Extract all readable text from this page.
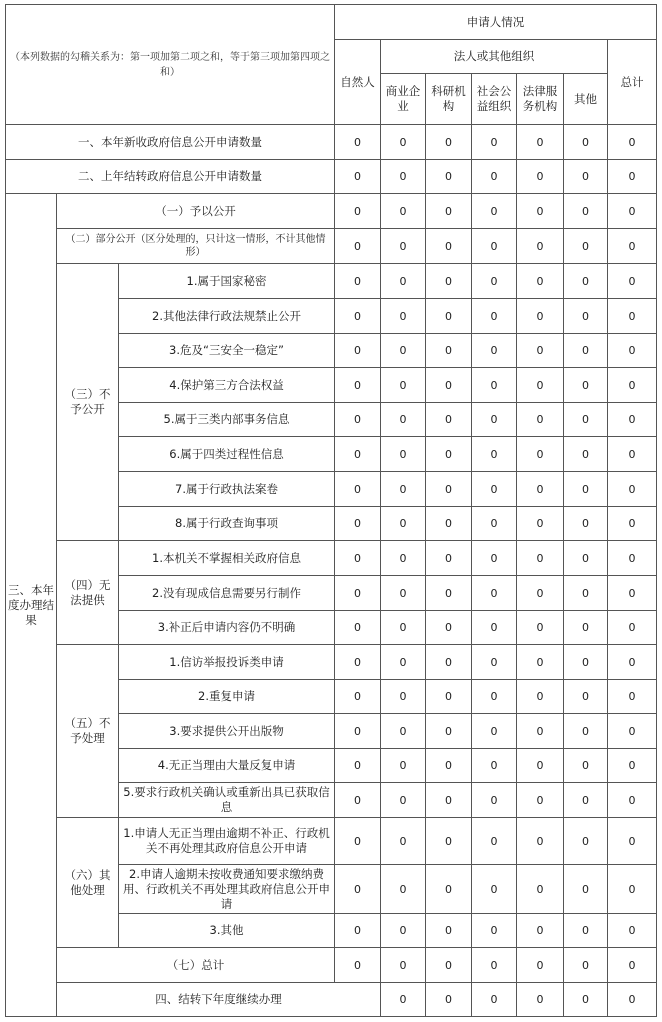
（本列数据的勾稽关系为：第一项加第二项之和，等于第三项加第四项之和）			申请人情况							
			自然人	法人或其他组织					总计	
				商业企业	科研机构	社会公益组织	法律服务机构	其他		
一、本年新收政府信息公开申请数量			0	0	0	0	0	0	0	
二、上年结转政府信息公开申请数量			0	0	0	0	0	0	0	
三、本年度办理结果	（一）予以公开		0	0	0	0	0	0	0	
	（二）部分公开（区分处理的，只计这一情形，不计其他情形）		0	0	0	0	0	0	0	
	（三）不予公开	1.属于国家秘密	0	0	0	0	0	0	0	
		2.其他法律行政法规禁止公开	0	0	0	0	0	0	0	
		3.危及“三安全一稳定”	0	0	0	0	0	0	0	
		4.保护第三方合法权益	0	0	0	0	0	0	0	
		5.属于三类内部事务信息	0	0	0	0	0	0	0	
		6.属于四类过程性信息	0	0	0	0	0	0	0	
		7.属于行政执法案卷	0	0	0	0	0	0	0	
		8.属于行政查询事项	0	0	0	0	0	0	0	
	（四）无法提供	1.本机关不掌握相关政府信息	0	0	0	0	0	0	0	
		2.没有现成信息需要另行制作	0	0	0	0	0	0	0	
		3.补正后申请内容仍不明确	0	0	0	0	0	0	0	
	（五）不予处理	1.信访举报投诉类申请	0	0	0	0	0	0	0	
		2.重复申请	0	0	0	0	0	0	0	
		3.要求提供公开出版物	0	0	0	0	0	0	0	
		4.无正当理由大量反复申请	0	0	0	0	0	0	0	
		5.要求行政机关确认或重新出具已获取信息	0	0	0	0	0	0	0	
	（六）其他处理	1.申请人无正当理由逾期不补正、行政机关不再处理其政府信息公开申请	0	0	0	0	0	0	0	
		2.申请人逾期未按收费通知要求缴纳费用、行政机关不再处理其政府信息公开申请	0	0	0	0	0	0	0	
		3.其他	0	0	0	0	0	0	0	
	（七）总计		0	0	0	0	0	0	0	
	四、结转下年度继续办理			0	0	0	0	0	0	
